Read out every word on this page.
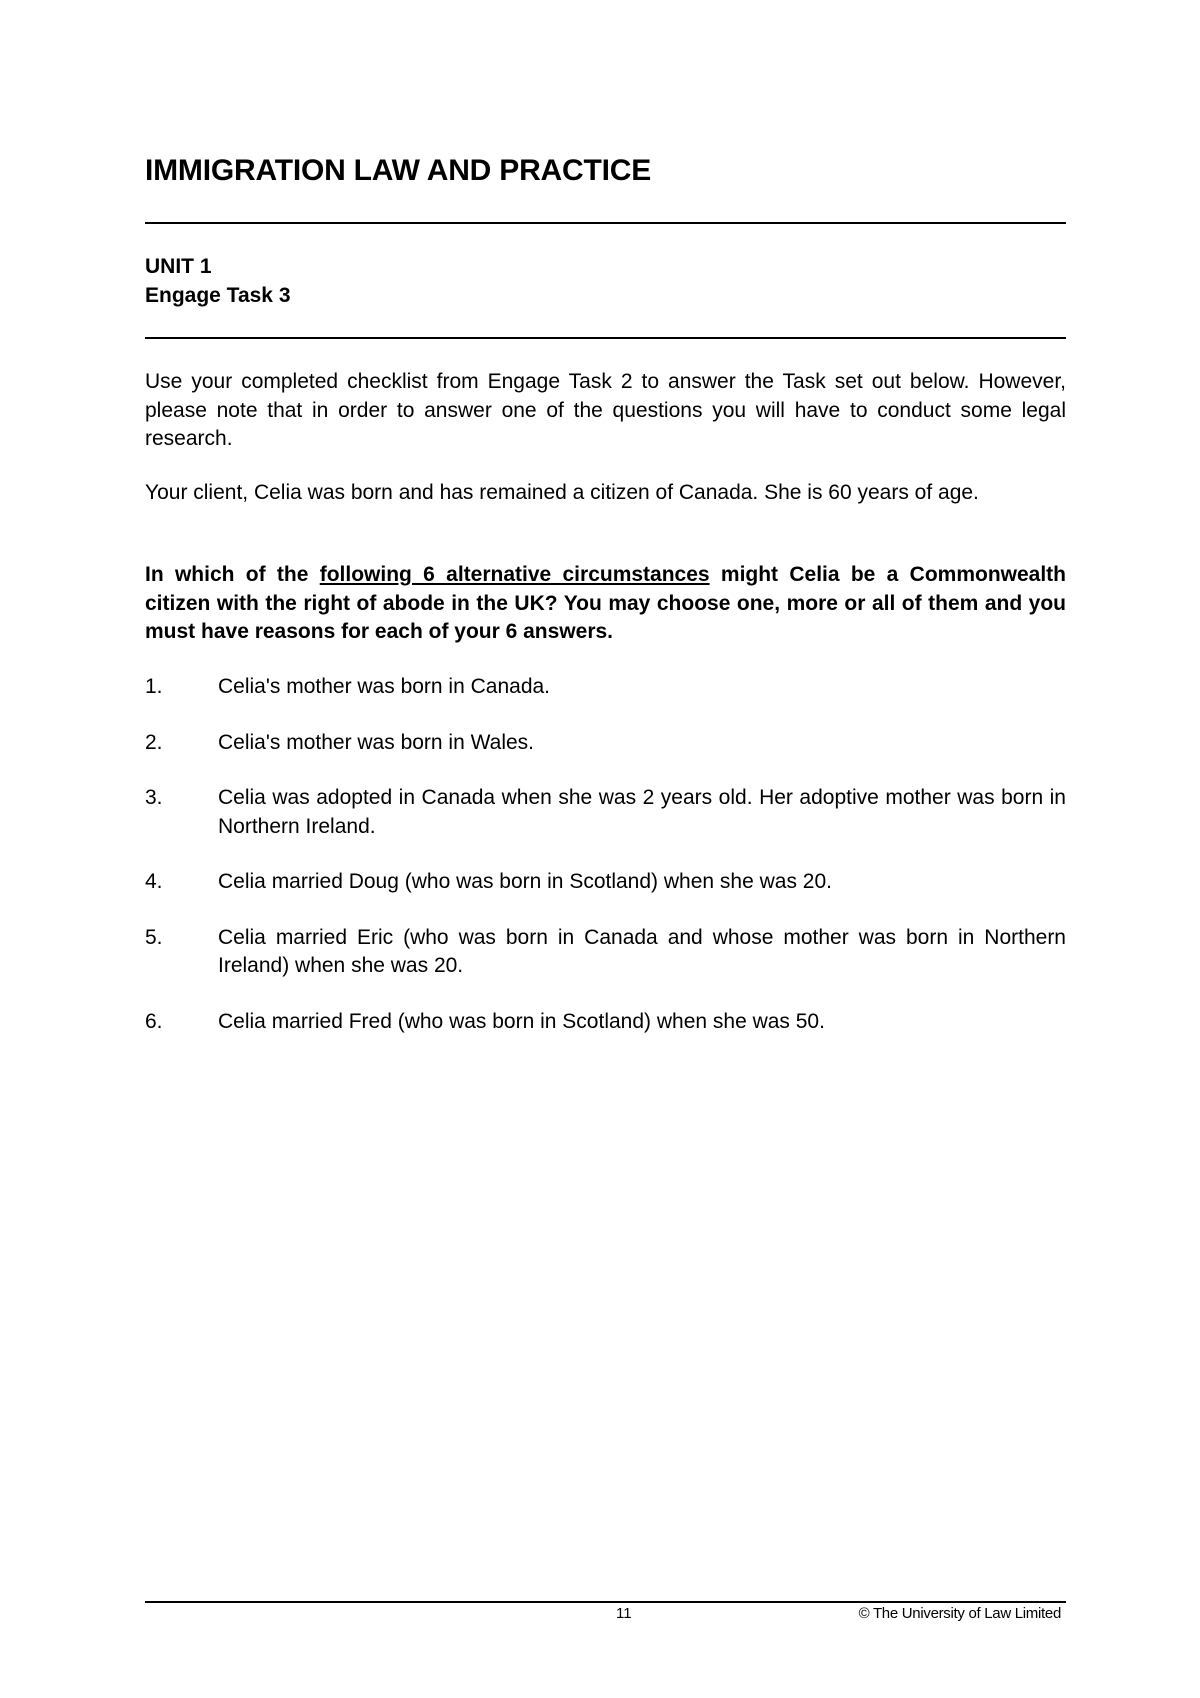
IMMIGRATION LAW AND PRACTICE
UNIT 1
Engage Task 3

Use your completed checklist from Engage Task 2 to answer the Task set out below. However, please note that in order to answer one of the questions you will have to conduct some legal research.

Your client, Celia was born and has remained a citizen of Canada. She is 60 years of age.

In which of the following 6 alternative circumstances might Celia be a Commonwealth citizen with the right of abode in the UK? You may choose one, more or all of them and you must have reasons for each of your 6 answers.

1.	Celia's mother was born in Canada.
2.	Celia's mother was born in Wales.
3.	Celia was adopted in Canada when she was 2 years old. Her adoptive mother was born in Northern Ireland.
4.	Celia married Doug (who was born in Scotland) when she was 20.
5.	Celia married Eric (who was born in Canada and whose mother was born in Northern Ireland) when she was 20.
6.	Celia married Fred (who was born in Scotland) when she was 50.
11	© The University of Law Limited
